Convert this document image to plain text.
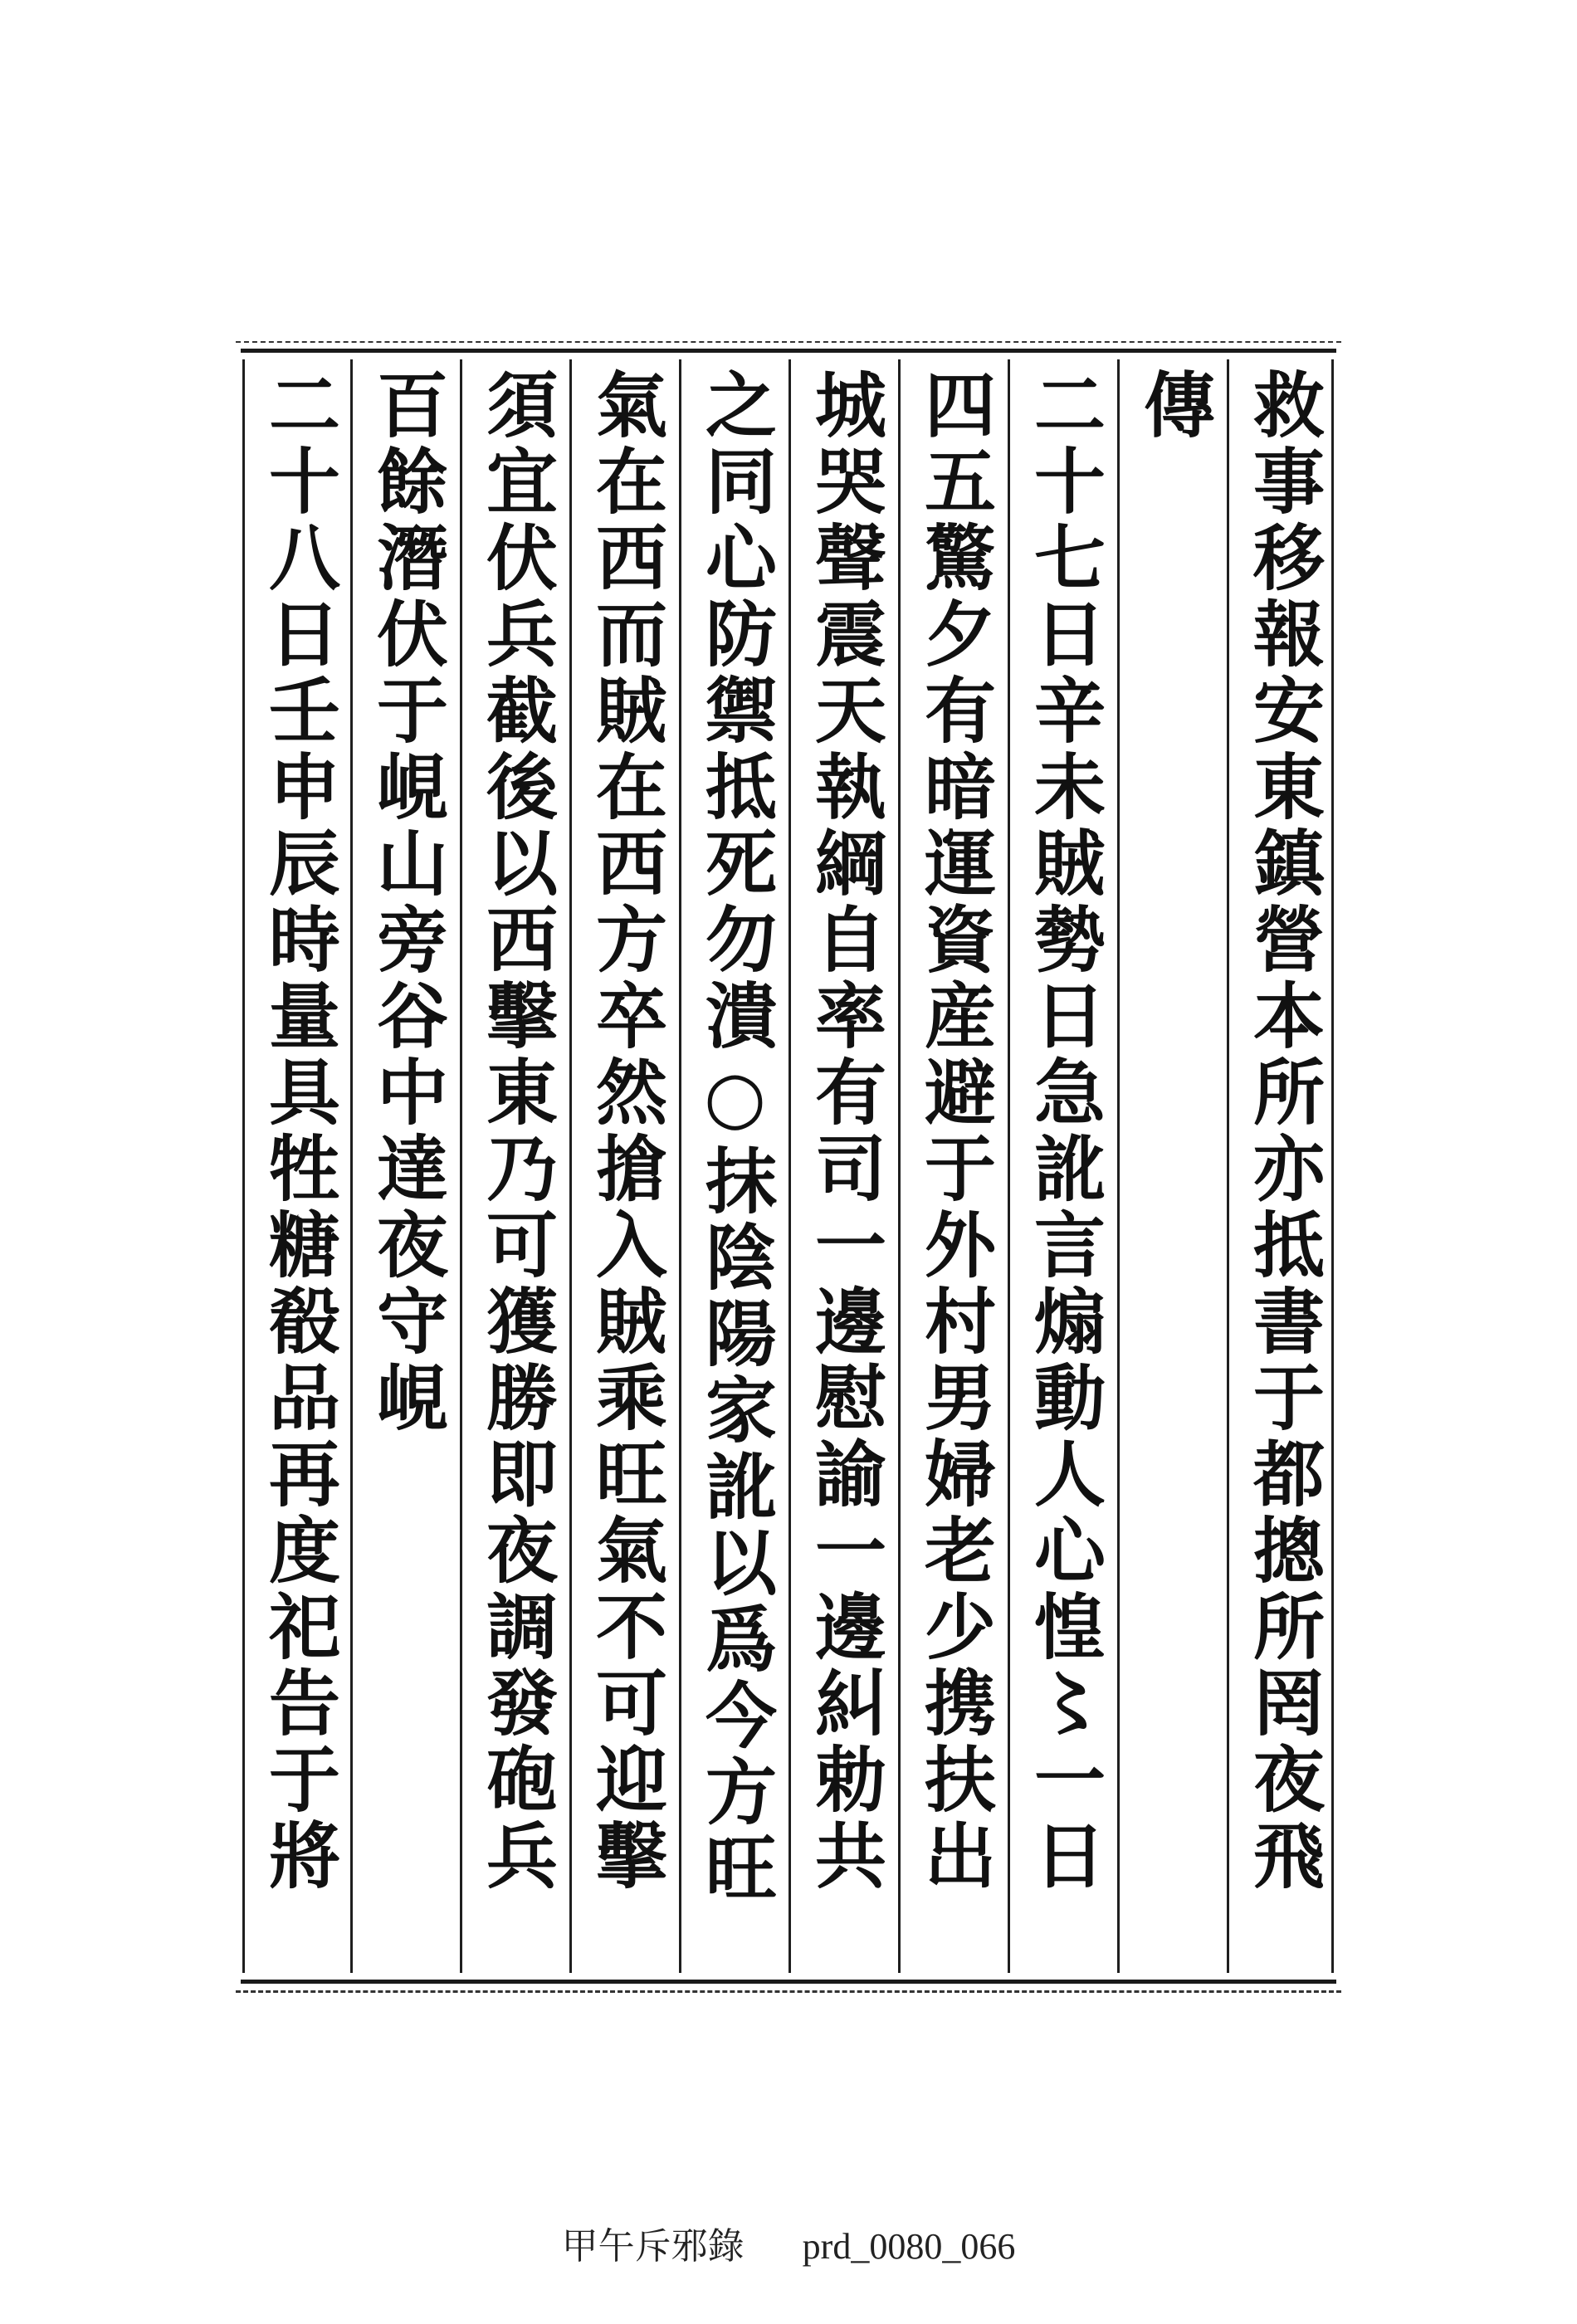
救事移報安東鎮營本所亦抵書于都摠所罔夜飛
傳
二十七日辛未賊勢日急訛言煽動人心惶〻一日
四五驚夕有暗運資産避于外村男婦老少携扶出
城哭聲震天執綱自率有司一邊慰諭一邊糾勅共
之同心防禦抵死勿潰○抹陰陽家訛以爲今方旺
氣在西而賊在西方卒然搶入賊乘旺氣不可迎擊
須宜伏兵截後以西擊東乃可獲勝即夜調發砲兵
百餘潛伏于峴山旁谷中達夜守峴
二十八日壬申辰時量具牲糖殽品再度祀告于將
甲午斥邪錄 prd_0080_066
